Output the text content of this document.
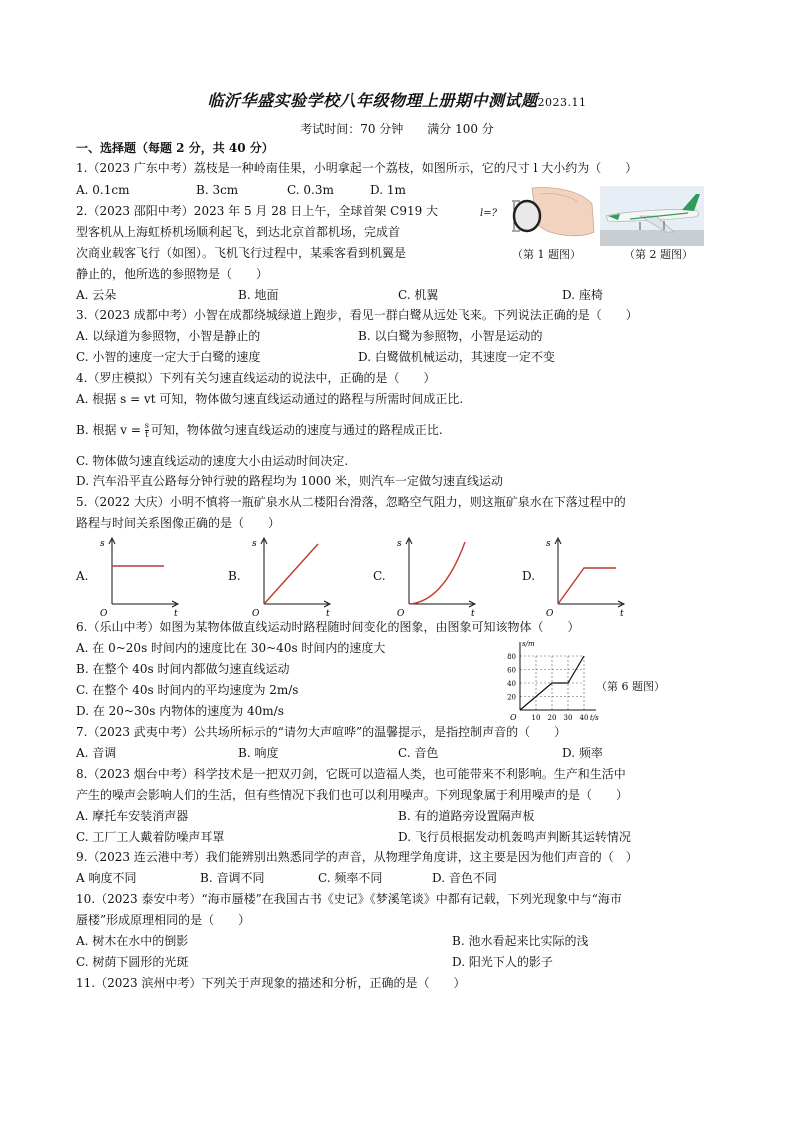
临沂华盛实验学校八年级物理上册期中测试题2023.11
考试时间：70 分钟　　满分 100 分
一、选择题（每题 2 分，共 40 分）
1.（2023 广东中考）荔枝是一种岭南佳果，小明拿起一个荔枝，如图所示，它的尺寸 l 大小约为（　　）
A. 0.1cm	B. 3cm	C. 0.3m	D. 1m
l=?
（第 1 题图）	（第 2 题图）
2.（2023 邵阳中考）2023 年 5 月 28 日上午，全球首架 C919 大
型客机从上海虹桥机场顺利起飞，到达北京首都机场，完成首
次商业载客飞行（如图）。飞机飞行过程中，某乘客看到机翼是
静止的，他所选的参照物是（　　）
A. 云朵	B. 地面	C. 机翼	D. 座椅
3.（2023 成都中考）小智在成都绕城绿道上跑步，看见一群白鹭从远处飞来。下列说法正确的是（　　）
A. 以绿道为参照物，小智是静止的	B. 以白鹭为参照物，小智是运动的
C. 小智的速度一定大于白鹭的速度	D. 白鹭做机械运动，其速度一定不变
4.（罗庄模拟）下列有关匀速直线运动的说法中，正确的是（　　）
A. 根据 s = vt 可知，物体做匀速直线运动通过的路程与所需时间成正比.
B. 根据 $v = \frac{s}{t}$ 可知，物体做匀速直线运动的速度与通过的路程成正比.
C. 物体做匀速直线运动的速度大小由运动时间决定.
D. 汽车沿平直公路每分钟行驶的路程均为 1000 米，则汽车一定做匀速直线运动
5.（2022 大庆）小明不慎将一瓶矿泉水从二楼阳台滑落，忽略空气阻力，则这瓶矿泉水在下落过程中的
路程与时间关系图像正确的是（　　）
A.
s
t
O
B.
s
t
O
C.
s
t
O
D.
s
t
O
6.（乐山中考）如图为某物体做直线运动时路程随时间变化的图象，由图象可知该物体（　　）
A. 在 0~20s 时间内的速度比在 30~40s 时间内的速度大
B. 在整个 40s 时间内都做匀速直线运动
C. 在整个 40s 时间内的平均速度为 2m/s
D. 在 20~30s 内物体的速度为 40m/s
80
60
40
20
10 20 30 40
s/m
t/s
O
（第 6 题图）
7.（2023 武夷中考）公共场所标示的“请勿大声喧哗”的温馨提示，是指控制声音的（　　）
A. 音调	B. 响度	C. 音色	D. 频率
8.（2023 烟台中考）科学技术是一把双刃剑，它既可以造福人类，也可能带来不利影响。生产和生活中
产生的噪声会影响人们的生活，但有些情况下我们也可以利用噪声。下列现象属于利用噪声的是（　　）
A. 摩托车安装消声器	B. 有的道路旁设置隔声板
C. 工厂工人戴着防噪声耳罩	D. 飞行员根据发动机轰鸣声判断其运转情况
9.（2023 连云港中考）我们能辨别出熟悉同学的声音，从物理学角度讲，这主要是因为他们声音的（　）
A 响度不同	B. 音调不同	C. 频率不同	D. 音色不同
10.（2023 泰安中考）“海市蜃楼”在我国古书《史记》《梦溪笔谈》中都有记载，下列光现象中与“海市
蜃楼”形成原理相同的是（　　）
A. 树木在水中的倒影	B. 池水看起来比实际的浅
C. 树荫下圆形的光斑	D. 阳光下人的影子
11.（2023 滨州中考）下列关于声现象的描述和分析，正确的是（　　）
